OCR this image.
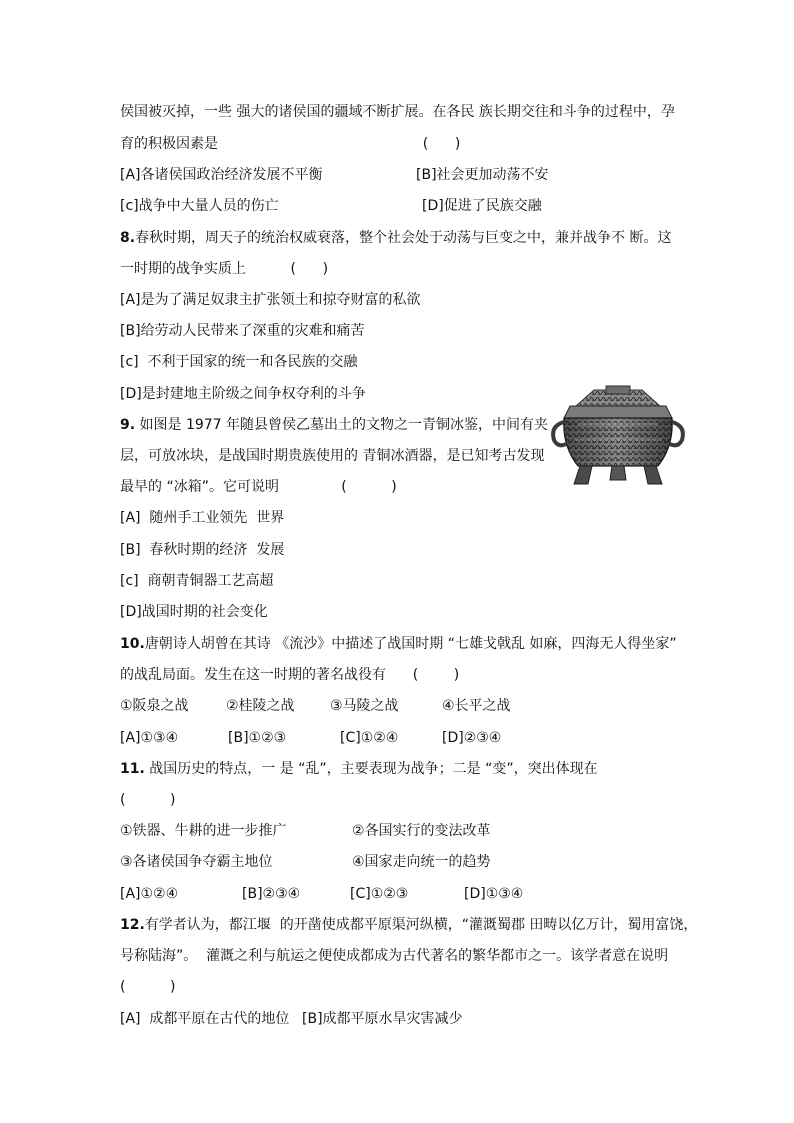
侯国被灭掉，一些 强大的诸侯国的疆域不断扩展。在各民 族长期交往和斗争的过程中，孕
育的积极因素是                                              (      )
[A]各诸侯国政治经济发展不平衡	[B]社会更加动荡不安
[c]战争中大量人员的伤亡	[D]促进了民族交融
8.春秋时期，周天子的统治权威衰落，整个社会处于动荡与巨变之中，兼并战争不 断。这
一时期的战争实质上          (      )
[A]是为了满足奴隶主扩张领土和掠夺财富的私欲
[B]给劳动人民带来了深重的灾难和痛苦
[c]  不利于国家的统一和各民族的交融
[D]是封建地主阶级之间争权夺利的斗争
9. 如图是 1977 年随县曾侯乙墓出土的文物之一青铜冰鉴，中间有夹
层，可放冰块，是战国时期贵族使用的 青铜冰酒器，是已知考古发现
最早的 “冰箱”。它可说明              (          )
[A]  随州手工业领先  世界
[B]  春秋时期的经济  发展
[c]  商朝青铜器工艺高超
[D]战国时期的社会变化
10.唐朝诗人胡曾在其诗 《流沙》中描述了战国时期 “七雄戈戟乱 如麻，四海无人得坐家”
的战乱局面。发生在这一时期的著名战役有      (        )
①阪泉之战	②桂陵之战	③马陵之战	④长平之战
[A]①③④	[B]①②③	[C]①②④	[D]②③④
11. 战国历史的特点，一 是 “乱”，主要表现为战争；二是 “变”，突出体现在
(          )
①铁器、牛耕的进一步推广	②各国实行的变法改革
③各诸侯国争夺霸主地位	④国家走向统一的趋势
[A]①②④	[B]②③④	[C]①②③	[D]①③④
12.有学者认为，都江堰  的开凿使成都平原渠河纵横，“灌溉蜀郡 田畴以亿万计，蜀用富饶，
号称陆海”。  灌溉之利与航运之便使成都成为古代著名的繁华都市之一。该学者意在说明
(          )
[A]  成都平原在古代的地位 [B]成都平原水旱灾害减少
